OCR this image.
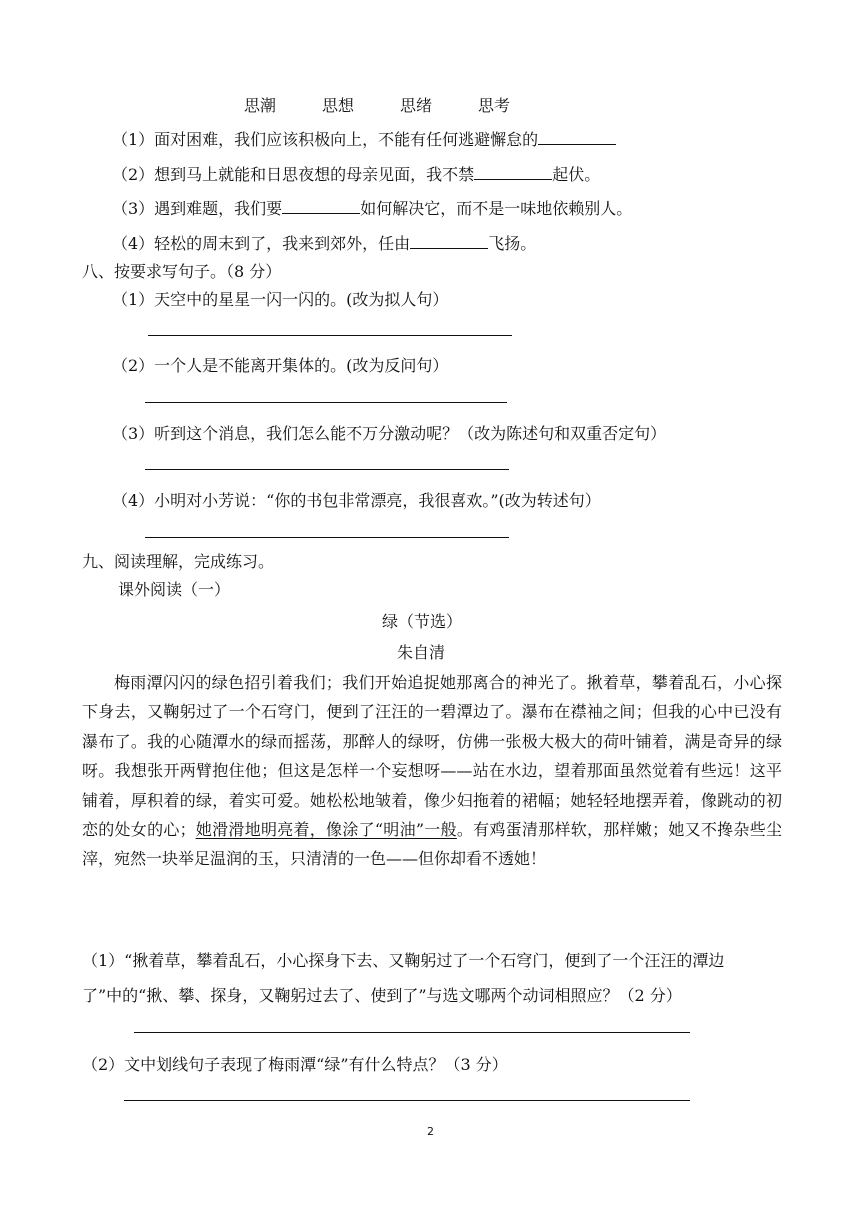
思潮	思想	思绪	思考
（1）面对困难，我们应该积极向上，不能有任何逃避懈怠的
（2）想到马上就能和日思夜想的母亲见面，我不禁	起伏。
（3）遇到难题，我们要	如何解决它，而不是一味地依赖别人。
（4）轻松的周末到了，我来到郊外，任由	飞扬。
八、按要求写句子。（8 分）
（1）天空中的星星一闪一闪的。(改为拟人句）
（2）一个人是不能离开集体的。(改为反问句）
（3）听到这个消息，我们怎么能不万分激动呢？（改为陈述句和双重否定句）
（4）小明对小芳说：“你的书包非常漂亮，我很喜欢。”(改为转述句）
九、阅读理解，完成练习。
课外阅读（一）
绿（节选）
朱自清
梅雨潭闪闪的绿色招引着我们；我们开始追捉她那离合的神光了。揪着草，攀着乱石，小心探下身去，又鞠躬过了一个石穹门，便到了汪汪的一碧潭边了。瀑布在襟袖之间；但我的心中已没有瀑布了。我的心随潭水的绿而摇荡，那醉人的绿呀，仿佛一张极大极大的荷叶铺着，满是奇异的绿呀。我想张开两臂抱住他；但这是怎样一个妄想呀——站在水边，望着那面虽然觉着有些远！这平铺着，厚积着的绿，着实可爱。她松松地皱着，像少妇拖着的裙幅；她轻轻地摆弄着，像跳动的初恋的处女的心；她滑滑地明亮着，像涂了“明油”一般。有鸡蛋清那样软，那样嫩；她又不搀杂些尘滓，宛然一块举足温润的玉，只清清的一色——但你却看不透她！
（1）“揪着草，攀着乱石，小心探身下去、又鞠躬过了一个石穹门，便到了一个汪汪的潭边
了”中的“揪、攀、探身，又鞠躬过去了、使到了”与选文哪两个动词相照应？（2 分）
（2）文中划线句子表现了梅雨潭“绿”有什么特点？（3 分）
2
